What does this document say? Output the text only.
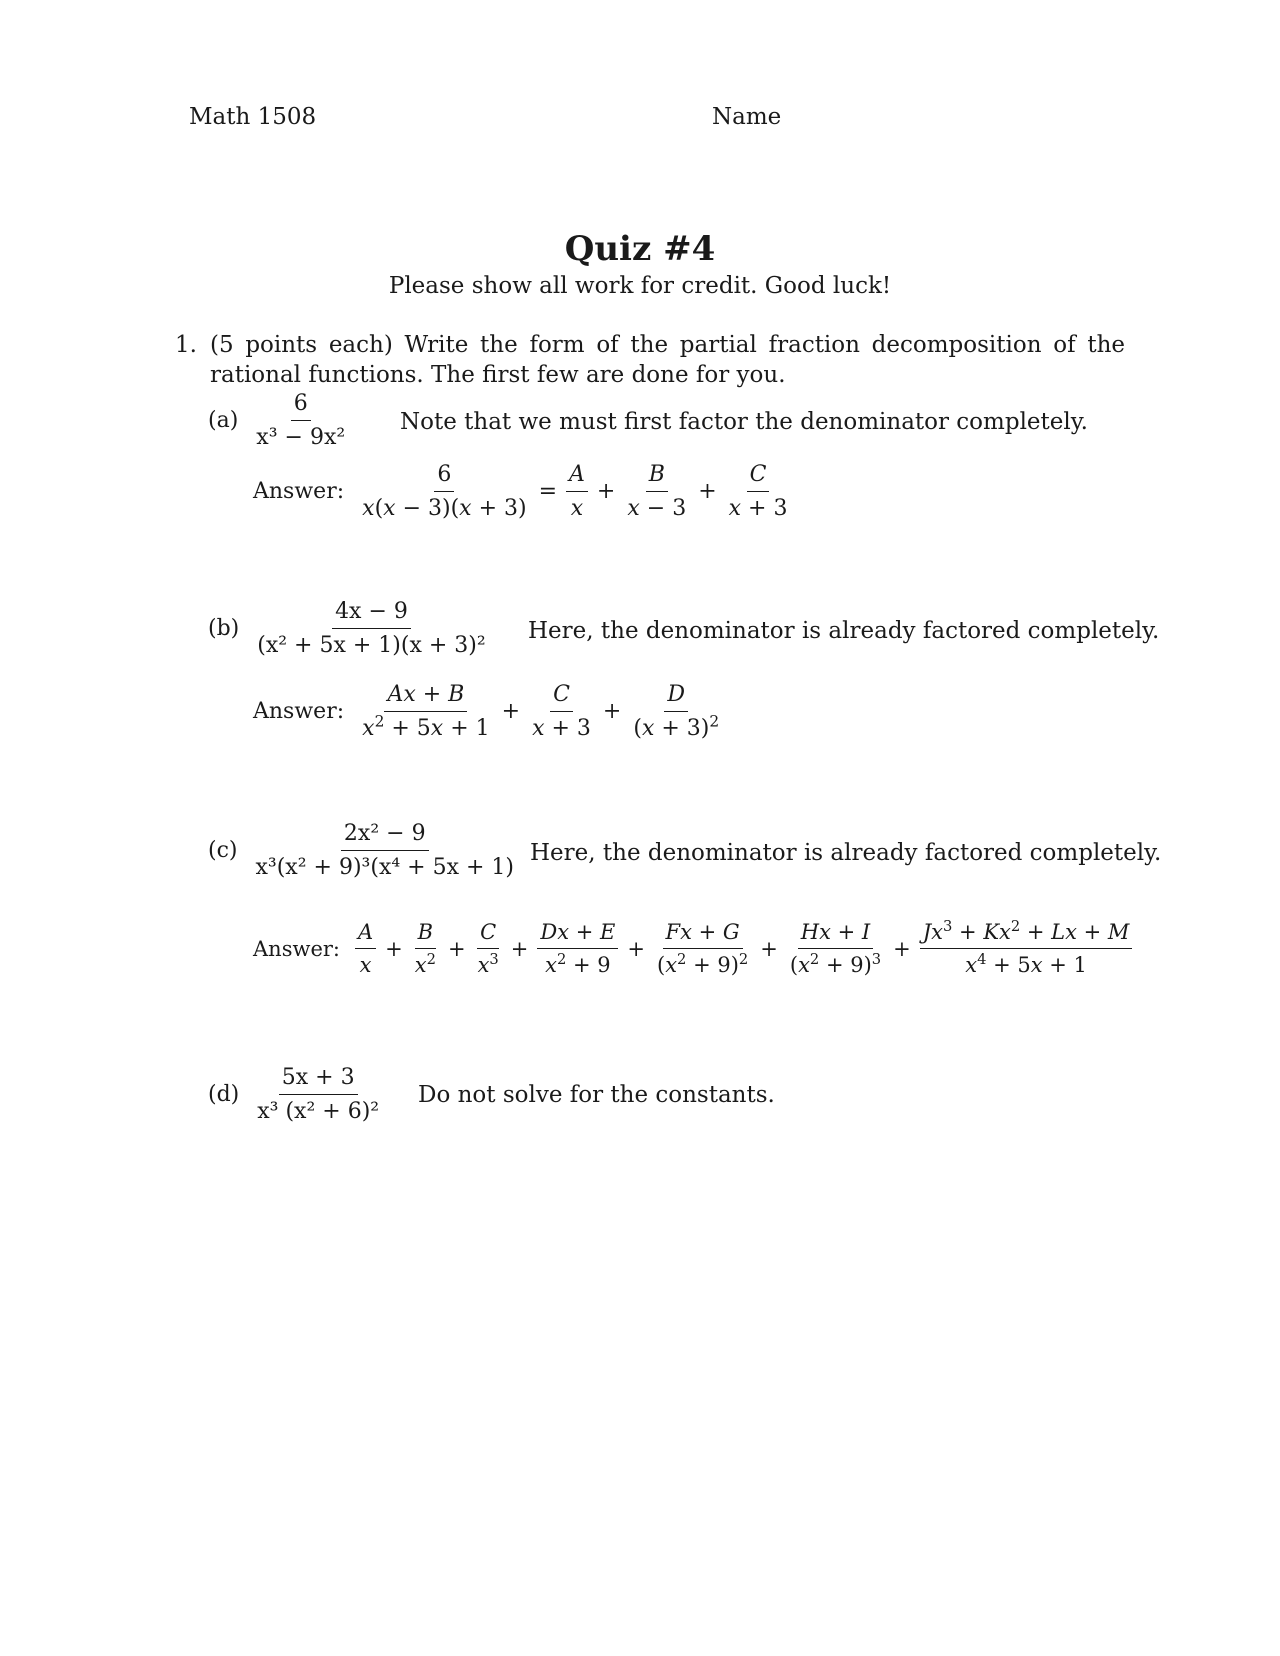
Math 1508	Name
Quiz #4
Please show all work for credit. Good luck!
1. (5 points each) Write the form of the partial fraction decomposition of the rational functions. The first few are done for you.
$(a) \frac{6}{\text{x³ − 9x²}}$ Note that we must first factor the denominator completely.
Answer: $\frac{6}{x(x - 3)(x + 3)} = \frac{A}{x} + \frac{B}{x - 3} + \frac{C}{x + 3}$
$(b) \frac{4x - 9}{\text{(x² + 5x + 1)(x + 3)²}}$ Here, the denominator is already factored completely.
Answer: $\frac{Ax + B}{x^2 + 5x + 1} + \frac{C}{x + 3} + \frac{D}{(x + 3)^2}$
$(c) \frac{\text{2x² − 9}}{\text{x³(x² + 9)³(x⁴ + 5x + 1)}}$ Here, the denominator is already factored completely.
Answer: $\frac{A}{x} + \frac{B}{x^2} + \frac{C}{x^3} + \frac{Dx + E}{x^2 + 9} + \frac{Fx + G}{(x^2 + 9)^2} + \frac{Hx + I}{(x^2 + 9)^3} + \frac{Jx^3 + Kx^2 + Lx + M}{x^4 + 5x + 1}$
$(d) \frac{5x + 3}{\text{x³ (x² + 6)²}}$ Do not solve for the constants.
